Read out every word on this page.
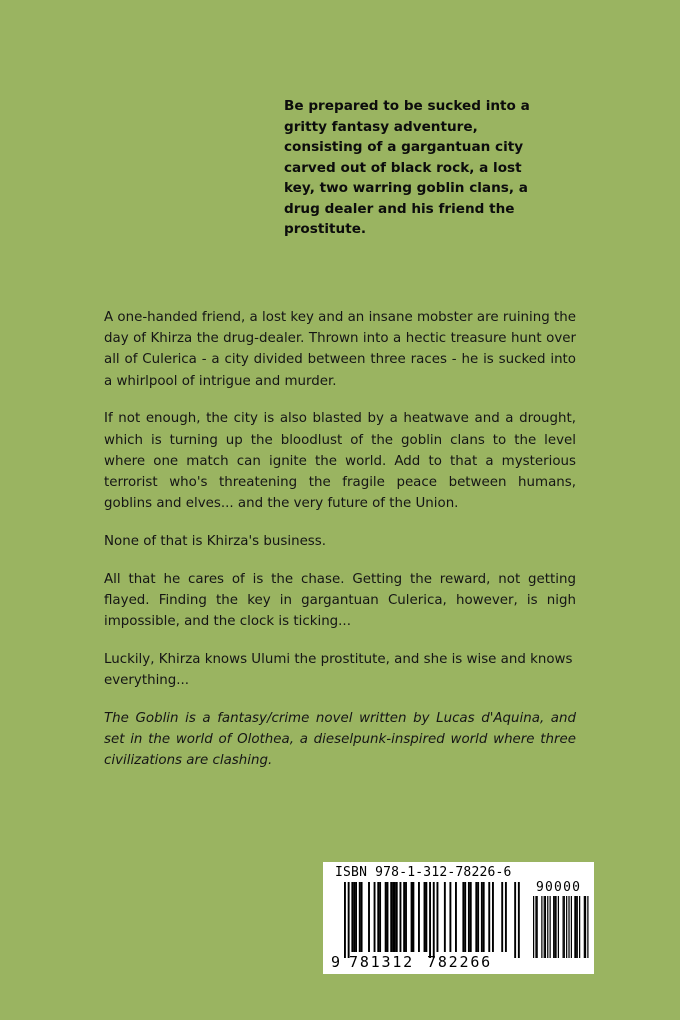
Be prepared to be sucked into a gritty fantasy adventure, consisting of a gargantuan city carved out of black rock, a lost key, two warring goblin clans, a drug dealer and his friend the prostitute.

A one-handed friend, a lost key and an insane mobster are ruining the day of Khirza the drug-dealer. Thrown into a hectic treasure hunt over all of Culerica - a city divided between three races - he is sucked into a whirlpool of intrigue and murder.

If not enough, the city is also blasted by a heatwave and a drought, which is turning up the bloodlust of the goblin clans to the level where one match can ignite the world. Add to that a mysterious terrorist who's threatening the fragile peace between humans, goblins and elves... and the very future of the Union.

None of that is Khirza's business.

All that he cares of is the chase. Getting the reward, not getting flayed. Finding the key in gargantuan Culerica, however, is nigh impossible, and the clock is ticking...

Luckily, Khirza knows Ulumi the prostitute, and she is wise and knows everything...

The Goblin is a fantasy/crime novel written by Lucas d'Aquina, and set in the world of Olothea, a dieselpunk-inspired world where three civilizations are clashing.

ISBN 978-1-312-78226-6
90000
9 781312 782266
